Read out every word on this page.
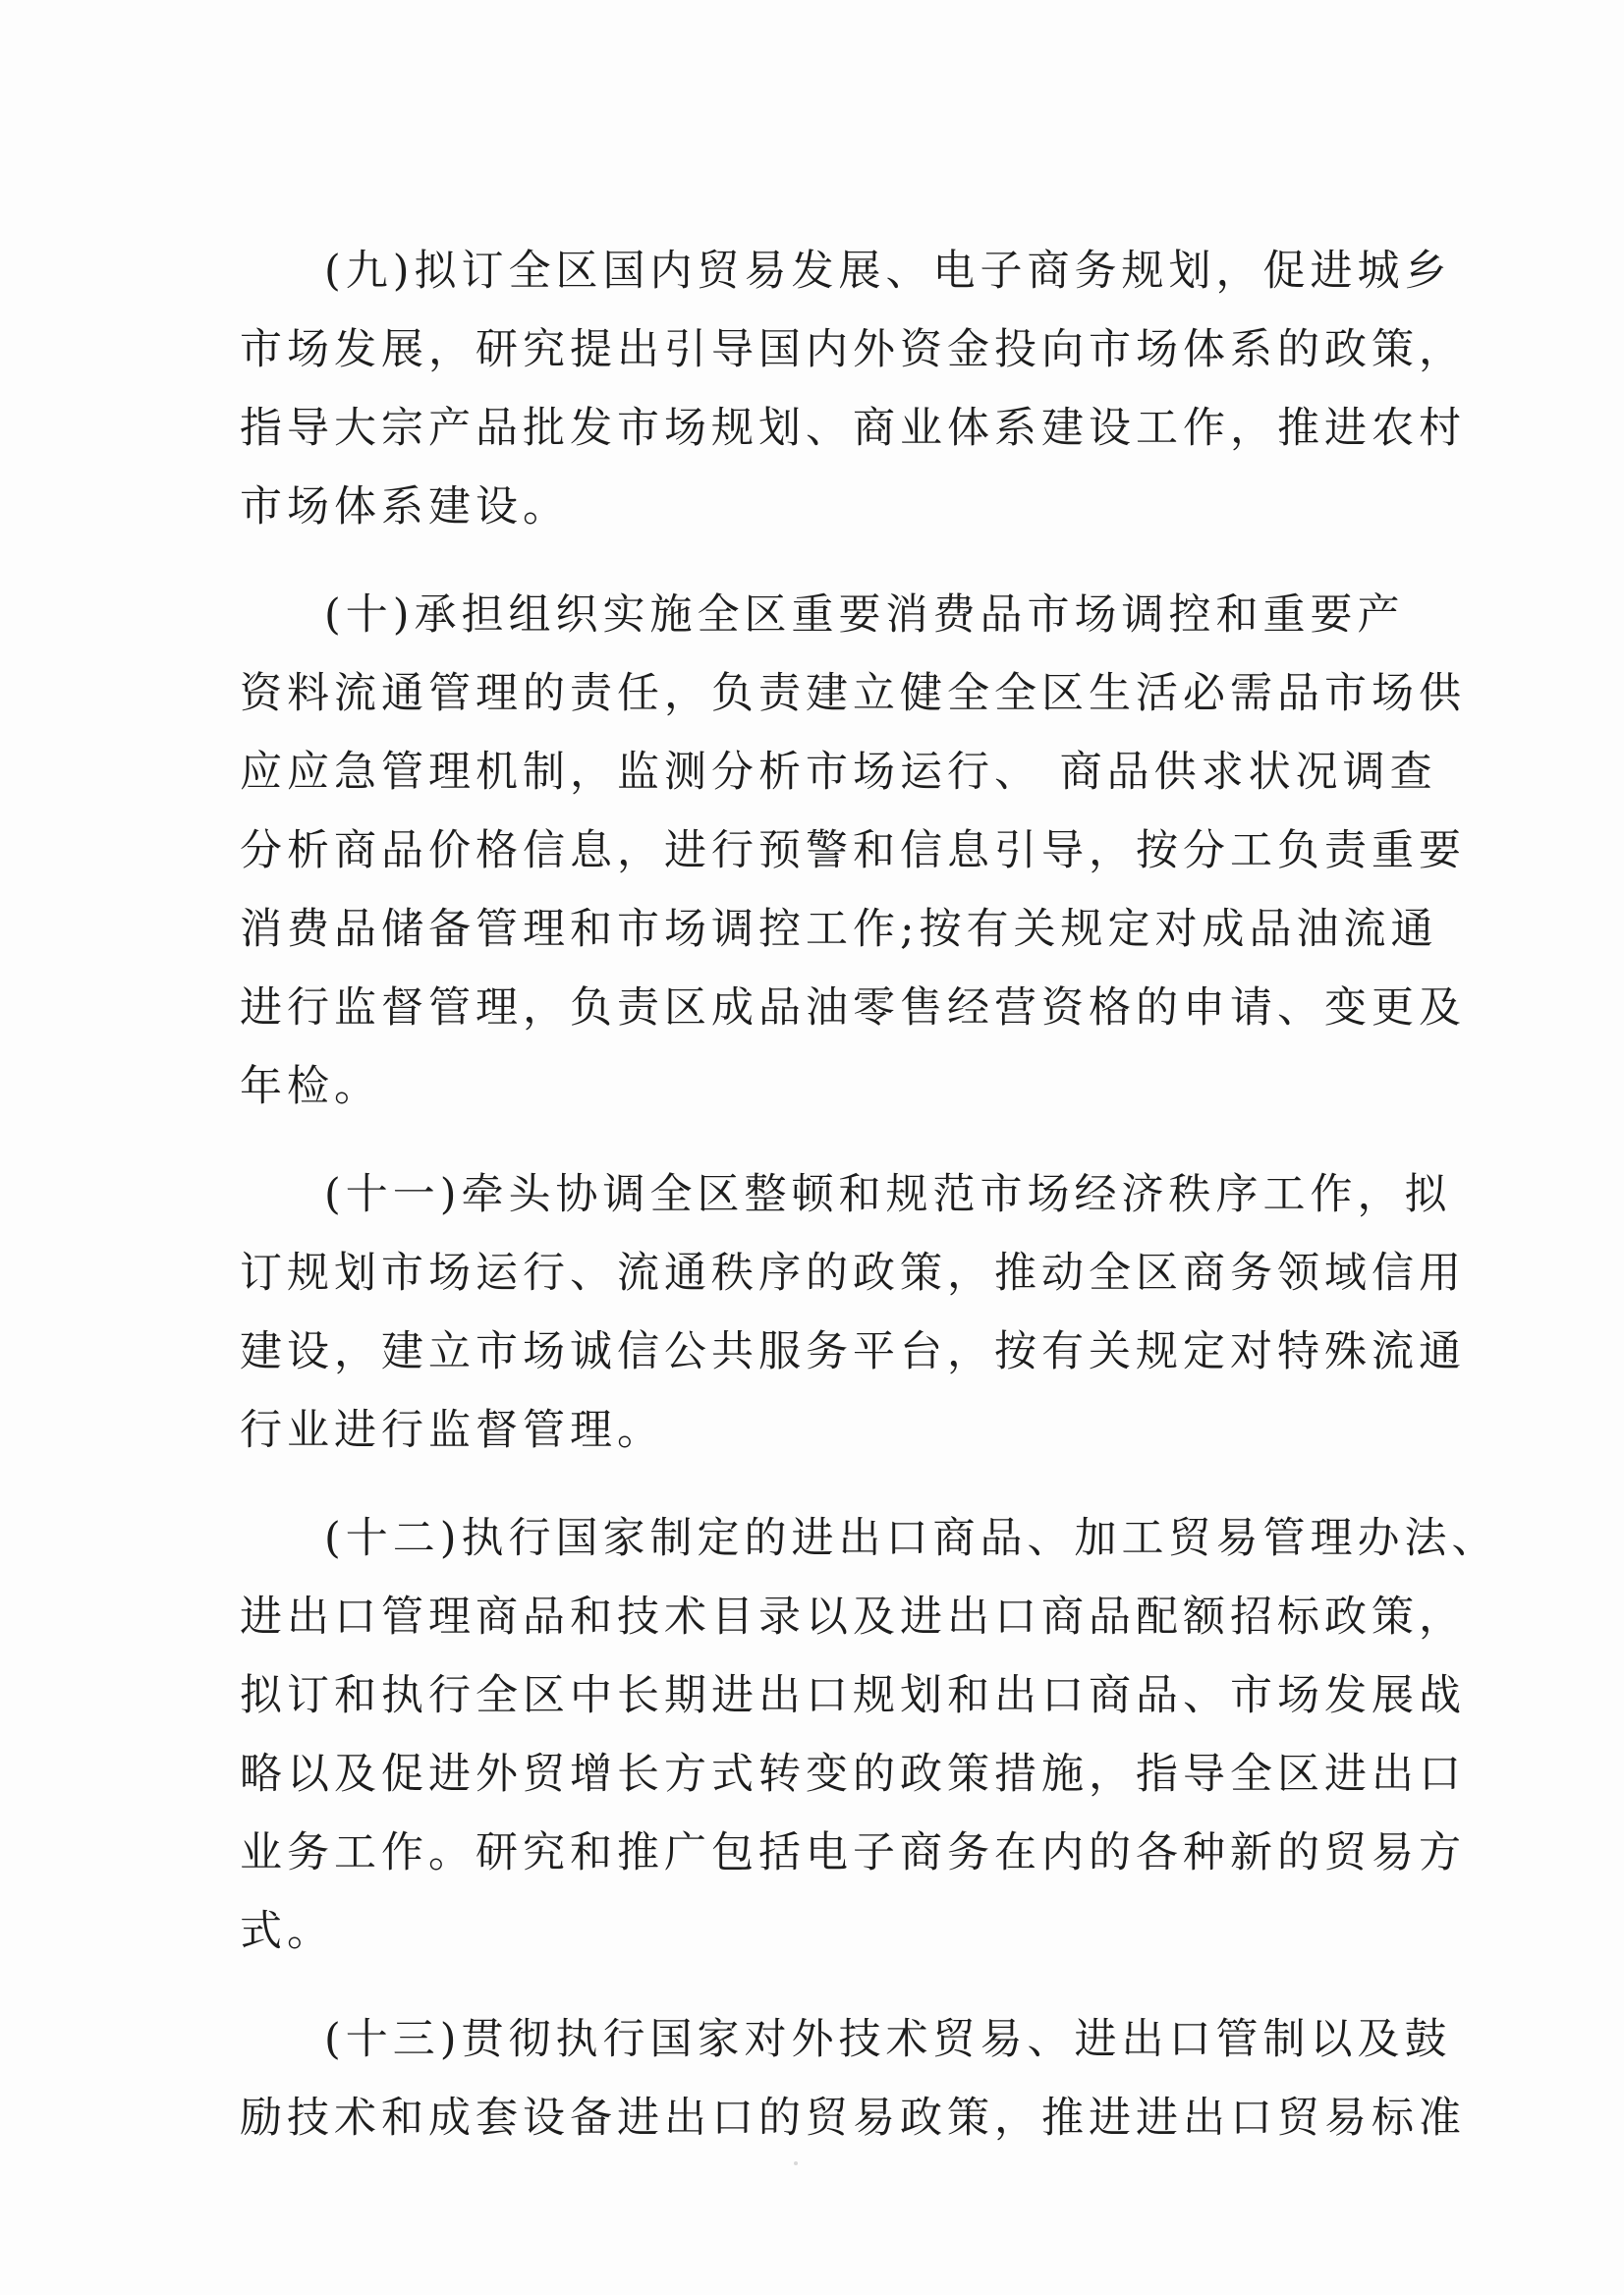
(九)拟订全区国内贸易发展、电子商务规划，促进城乡
市场发展，研究提出引导国内外资金投向市场体系的政策，
指导大宗产品批发市场规划、商业体系建设工作，推进农村
市场体系建设。
(十)承担组织实施全区重要消费品市场调控和重要产
资料流通管理的责任，负责建立健全全区生活必需品市场供
应应急管理机制，监测分析市场运行、 商品供求状况调查
分析商品价格信息，进行预警和信息引导，按分工负责重要
消费品储备管理和市场调控工作;按有关规定对成品油流通
进行监督管理，负责区成品油零售经营资格的申请、变更及
年检。
(十一)牵头协调全区整顿和规范市场经济秩序工作，拟
订规划市场运行、流通秩序的政策，推动全区商务领域信用
建设，建立市场诚信公共服务平台，按有关规定对特殊流通
行业进行监督管理。
(十二)执行国家制定的进出口商品、加工贸易管理办法、
进出口管理商品和技术目录以及进出口商品配额招标政策，
拟订和执行全区中长期进出口规划和出口商品、市场发展战
略以及促进外贸增长方式转变的政策措施，指导全区进出口
业务工作。研究和推广包括电子商务在内的各种新的贸易方
式。
(十三)贯彻执行国家对外技术贸易、进出口管制以及鼓
励技术和成套设备进出口的贸易政策，推进进出口贸易标准
